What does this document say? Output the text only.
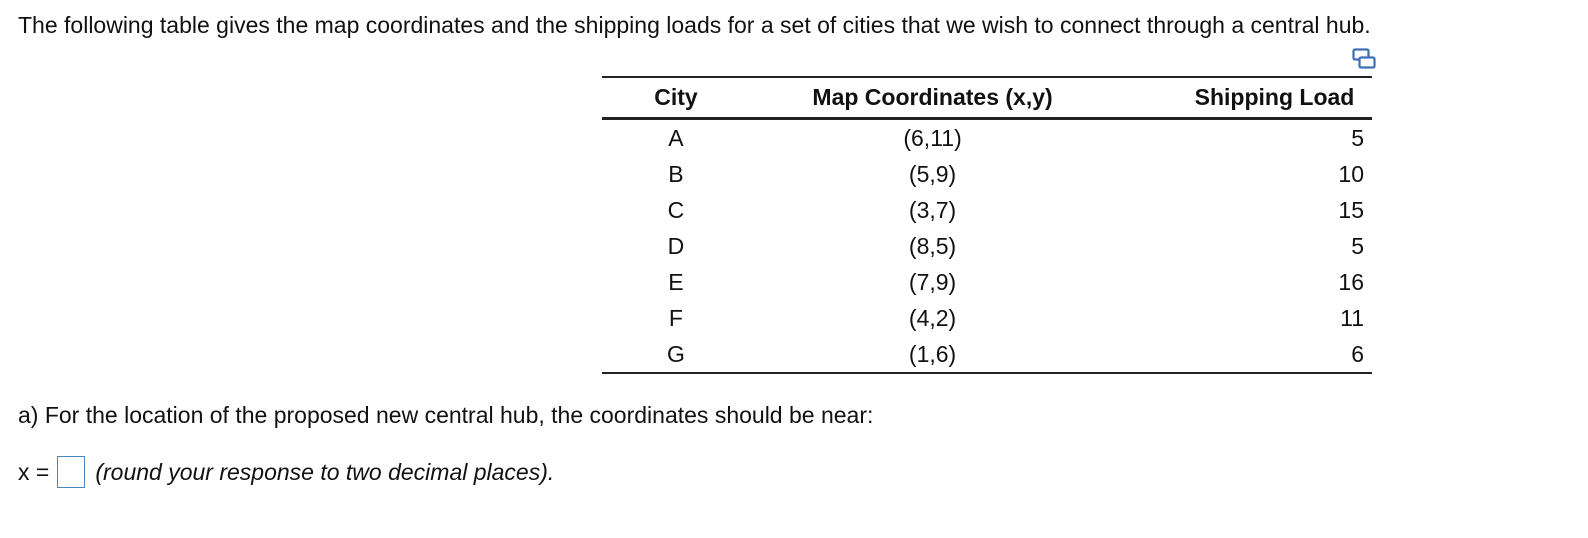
The following table gives the map coordinates and the shipping loads for a set of cities that we wish to connect through a central hub.
City	Map Coordinates (x,y)	Shipping Load
A	(6,11)	5
B	(5,9)	10
C	(3,7)	15
D	(8,5)	5
E	(7,9)	16
F	(4,2)	11
G	(1,6)	6
a) For the location of the proposed new central hub, the coordinates should be near:
x = (round your response to two decimal places).
